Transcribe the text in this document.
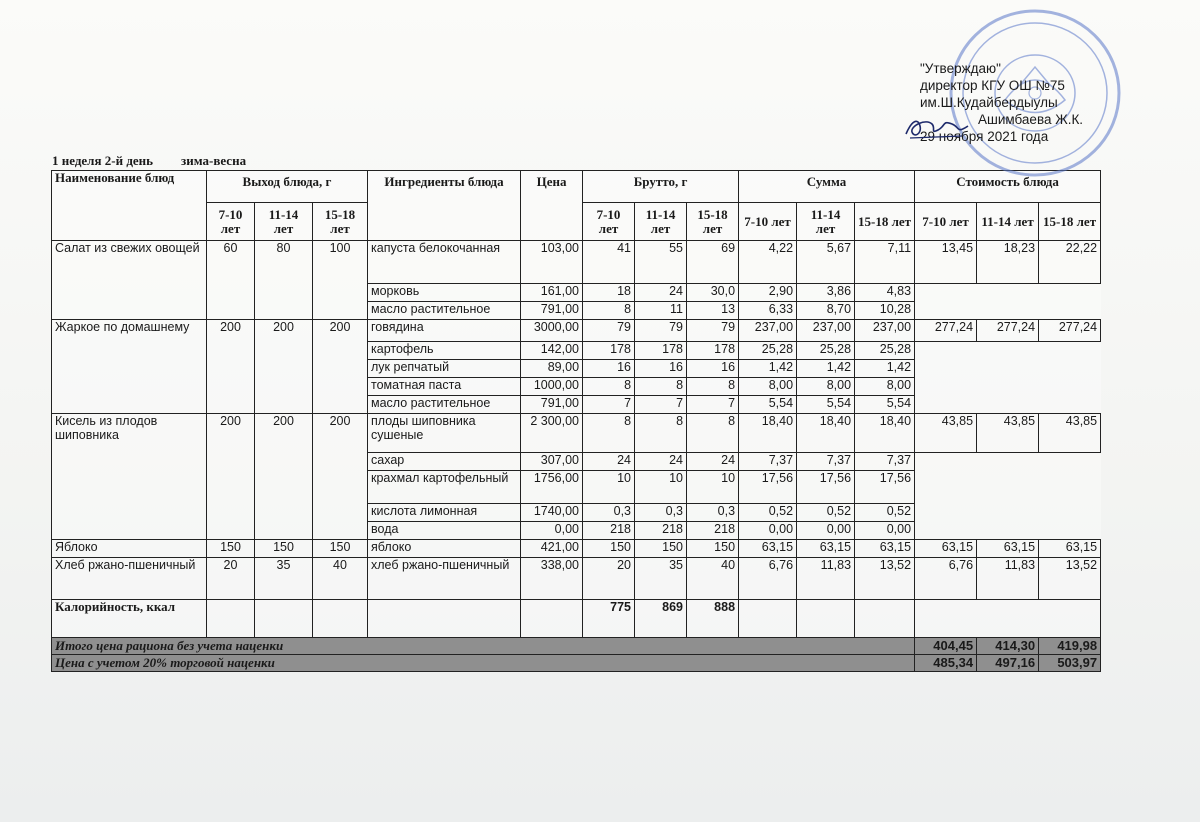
"Утверждаю"
директор КГУ ОШ №75
им.Ш.Кудайбердыулы
Ашимбаева Ж.К.
29 ноября 2021 года
1 неделя 2-й день зима-весна
Наименование блюд	Выход блюда, г			Ингредиенты блюда	Цена	Брутто, г			Сумма			Стоимость блюда		
	7-10 лет	11-14 лет	15-18 лет			7-10 лет	11-14 лет	15-18 лет	7-10 лет	11-14 лет	15-18 лет	7-10 лет	11-14 лет	15-18 лет
Салат из свежих овощей	60	80	100	капуста белокочанная	103,00	41	55	69	4,22	5,67	7,11	13,45	18,23	22,22
				морковь	161,00	18	24	30,0	2,90	3,86	4,83			
				масло растительное	791,00	8	11	13	6,33	8,70	10,28			
Жаркое по домашнему	200	200	200	говядина	3000,00	79	79	79	237,00	237,00	237,00	277,24	277,24	277,24
				картофель	142,00	178	178	178	25,28	25,28	25,28			
				лук репчатый	89,00	16	16	16	1,42	1,42	1,42			
				томатная паста	1000,00	8	8	8	8,00	8,00	8,00			
				масло растительное	791,00	7	7	7	5,54	5,54	5,54			
Кисель из плодов шиповника	200	200	200	плоды шиповника сушеные	2 300,00	8	8	8	18,40	18,40	18,40	43,85	43,85	43,85
				сахар	307,00	24	24	24	7,37	7,37	7,37			
				крахмал картофельный	1756,00	10	10	10	17,56	17,56	17,56			
				кислота лимонная	1740,00	0,3	0,3	0,3	0,52	0,52	0,52			
				вода	0,00	218	218	218	0,00	0,00	0,00			
Яблоко	150	150	150	яблоко	421,00	150	150	150	63,15	63,15	63,15	63,15	63,15	63,15
Хлеб ржано-пшеничный	20	35	40	хлеб ржано-пшеничный	338,00	20	35	40	6,76	11,83	13,52	6,76	11,83	13,52
Калорийность, ккал						775	869	888						
Итого цена рациона без учета наценки												404,45	414,30	419,98
Цена с учетом 20% торговой наценки												485,34	497,16	503,97
